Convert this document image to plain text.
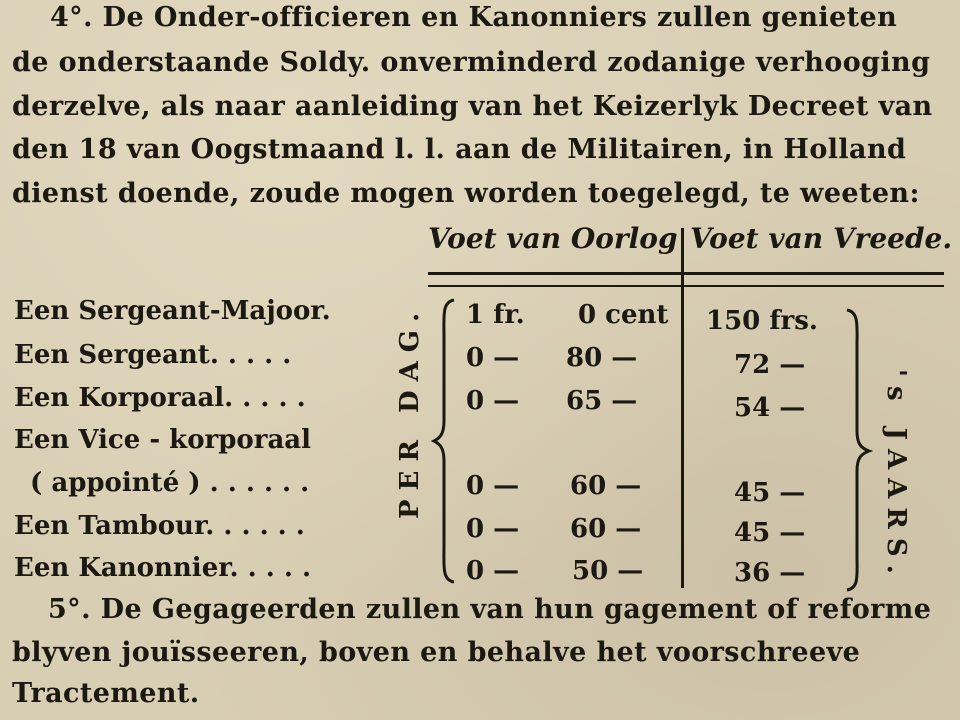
4°. De Onder-officieren en Kanonniers zullen genieten
de onderstaande Soldy. onverminderd zodanige verhooging
derzelve, als naar aanleiding van het Keizerlyk Decreet van
den 18 van Oogstmaand l. l. aan de Militairen, in Holland
dienst doende, zoude mogen worden toegelegd, te weeten:
Voet van Oorlog Voet van Vreede.
Een Sergeant-Majoor.
Een Sergeant. . . . .
Een Korporaal. . . . .
Een Vice - korporaal
( appointé ) . . . . . .
Een Tambour. . . . . .
Een Kanonnier. . . . .
PER DAG. 1 fr.
0 —
0 —
0 —
0 —
0 —
0 cent
80 —
65 —
60 —
60 —
50 —
150 frs.
72 —
54 —
45 —
45 —
36 —	's JAARS.
5°. De Gegageerden zullen van hun gagement of reforme
blyven jouïsseeren, boven en behalve het voorschreeve
Tractement.
